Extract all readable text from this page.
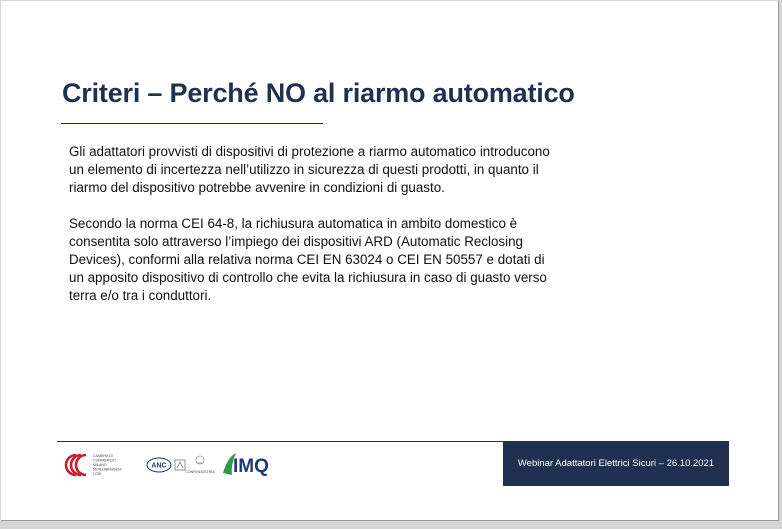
Criteri – Perché NO al riarmo automatico

Gli adattatori provvisti di dispositivi di protezione a riarmo automatico introducono un elemento di incertezza nell’utilizzo in sicurezza di questi prodotti, in quanto il riarmo del dispositivo potrebbe avvenire in condizioni di guasto.

Secondo la norma CEI 64-8, la richiusura automatica in ambito domestico è consentita solo attraverso l’impiego dei dispositivi ARD (Automatic Reclosing Devices), conformi alla relativa norma CEI EN 63024 o CEI EN 50557 e dotati di un apposito dispositivo di controllo che evita la richiusura in caso di guasto verso terra e/o tra i conduttori.

CAMERA DI
COMMERCIO
MILANO
MONZABRIANZA
LODI
ANC
CONFINDUSTRIA IMQ	Webinar Adattatori Elettrici Sicuri – 26.10.2021
